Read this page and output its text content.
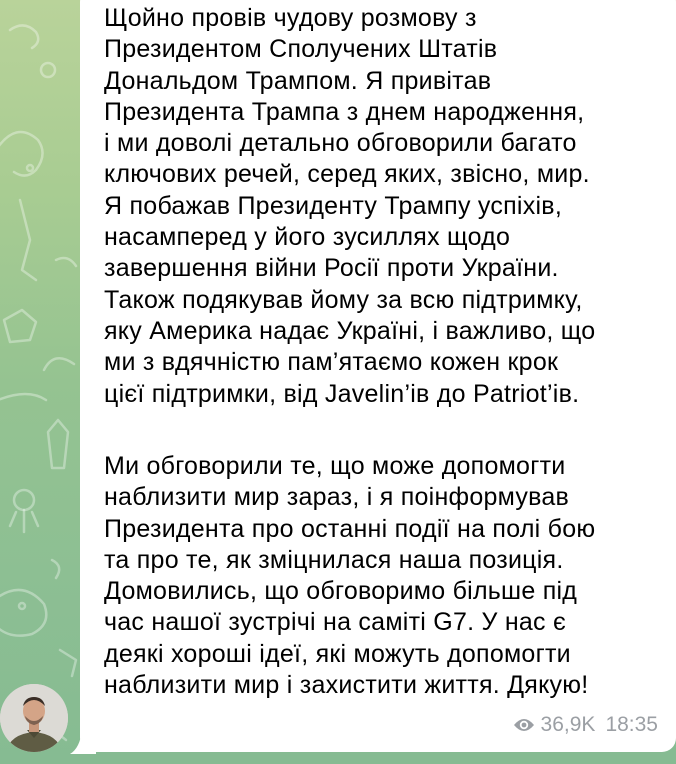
Щойно провів чудову розмову з
Президентом Сполучених Штатів
Дональдом Трампом. Я привітав
Президента Трампа з днем народження,
і ми доволі детально обговорили багато
ключових речей, серед яких, звісно, мир.
Я побажав Президенту Трампу успіхів,
насамперед у його зусиллях щодо
завершення війни Росії проти України.
Також подякував йому за всю підтримку,
яку Америка надає Україні, і важливо, що
ми з вдячністю пам’ятаємо кожен крок
цієї підтримки, від Javelin’ів до Patriot’ів.

Ми обговорили те, що може допомогти
наблизити мир зараз, і я поінформував
Президента про останні події на полі бою
та про те, як зміцнилася наша позиція.
Домовились, що обговоримо більше під
час нашої зустрічі на саміті G7. У нас є
деякі хороші ідеї, які можуть допомогти
наблизити мир і захистити життя. Дякую!

36,9K 18:35
